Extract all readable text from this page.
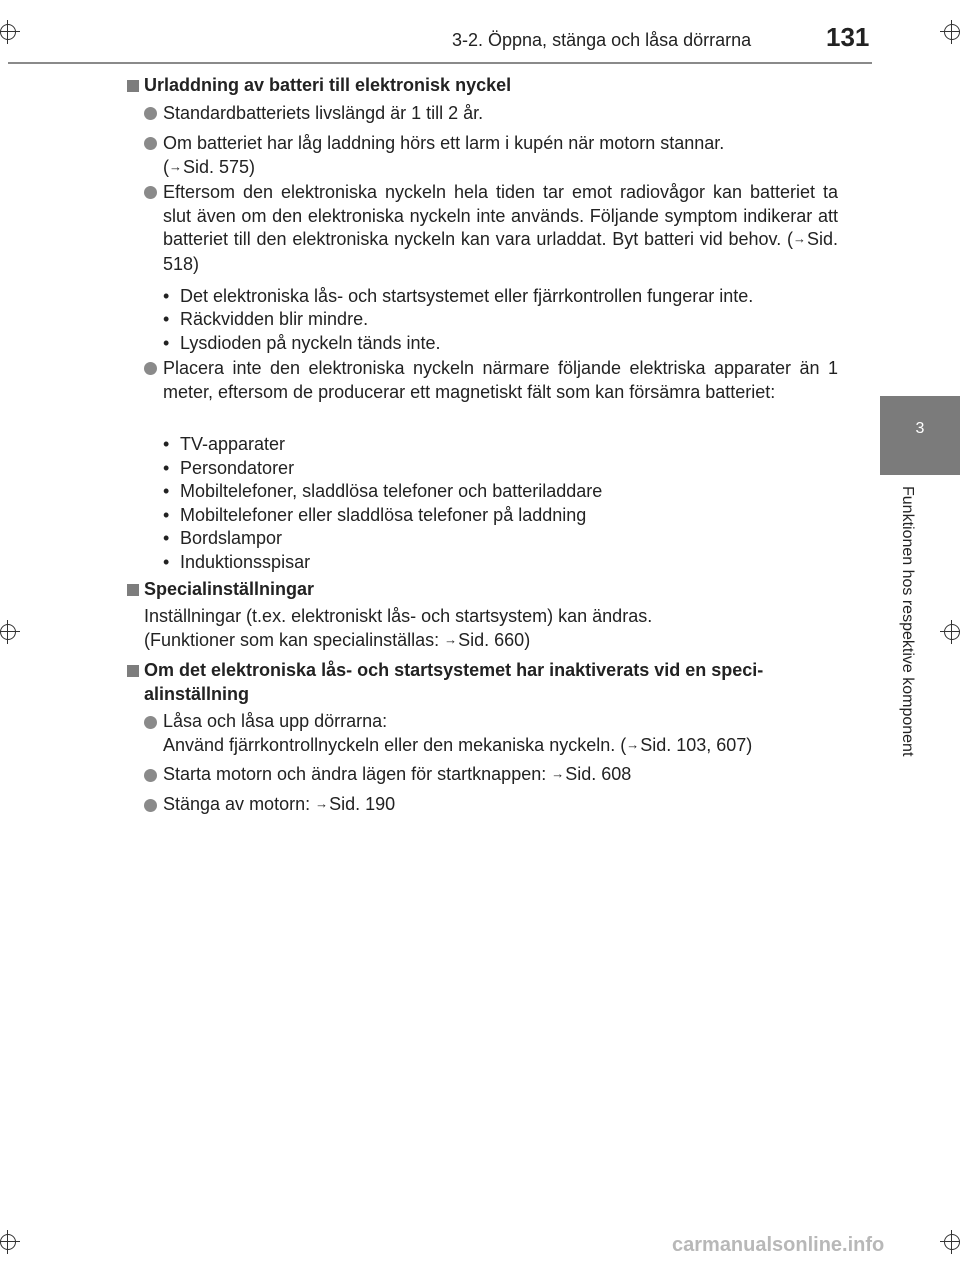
3-2. Öppna, stänga och låsa dörrarna	131
3
Funktionen hos respektive komponent
Urladdning av batteri till elektronisk nyckel
Standardbatteriets livslängd är 1 till 2 år.
Om batteriet har låg laddning hörs ett larm i kupén när motorn stannar.
(→Sid. 575)
Eftersom den elektroniska nyckeln hela tiden tar emot radiovågor kan batteriet ta slut även om den elektroniska nyckeln inte används. Följande symptom indikerar att batteriet till den elektroniska nyckeln kan vara urladdat. Byt batteri vid behov. (→Sid. 518)
• Det elektroniska lås- och startsystemet eller fjärrkontrollen fungerar inte.
• Räckvidden blir mindre.
• Lysdioden på nyckeln tänds inte.
Placera inte den elektroniska nyckeln närmare följande elektriska apparater än 1 meter, eftersom de producerar ett magnetiskt fält som kan försämra batteriet:
• TV-apparater
• Persondatorer
• Mobiltelefoner, sladdlösa telefoner och batteriladdare
• Mobiltelefoner eller sladdlösa telefoner på laddning
• Bordslampor
• Induktionsspisar
Specialinställningar
Inställningar (t.ex. elektroniskt lås- och startsystem) kan ändras.
(Funktioner som kan specialinställas: →Sid. 660)
Om det elektroniska lås- och startsystemet har inaktiverats vid en speci-
alinställning
Låsa och låsa upp dörrarna:
Använd fjärrkontrollnyckeln eller den mekaniska nyckeln. (→Sid. 103, 607)
Starta motorn och ändra lägen för startknappen: →Sid. 608
Stänga av motorn: →Sid. 190
carmanualsonline.info
